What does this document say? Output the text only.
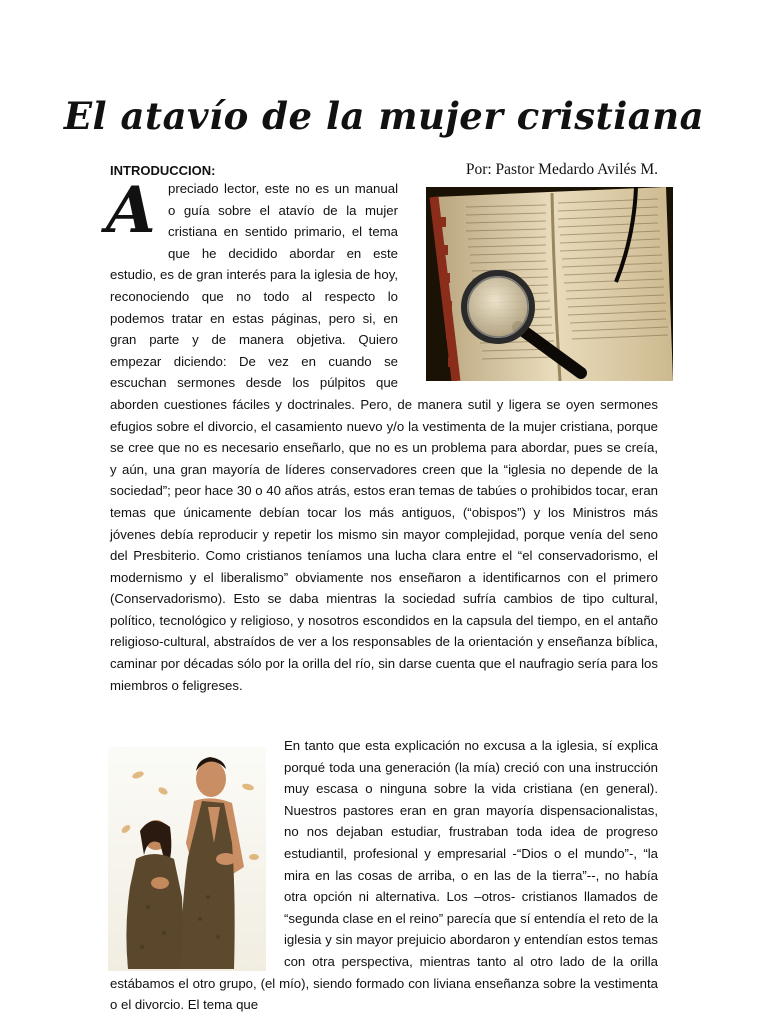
El atavío de la mujer cristiana
INTRODUCCION:	Por: Pastor Medardo Avilés M.
preciado lector, este no es un manual o guía sobre el atavío de la mujer cristiana en sentido primario, el tema que he decidido abordar en este estudio, es de gran interés para la iglesia de hoy, reconociendo que no todo al respecto lo podemos tratar en estas páginas, pero si, en gran parte y de manera objetiva. Quiero empezar diciendo: De vez en cuando se escuchan sermones desde los púlpitos que aborden cuestiones fáciles y doctrinales. Pero, de manera sutil y ligera se oyen sermones efugios sobre el divorcio, el casamiento nuevo y/o la vestimenta de la mujer cristiana, porque se cree que no es necesario enseñarlo, que no es un problema para abordar, pues se creía, y aún, una gran mayoría de líderes conservadores creen que la “iglesia no depende de la sociedad”; peor hace 30 o 40 años atrás, estos eran temas de tabúes o prohibidos tocar, eran temas que únicamente debían tocar los más antiguos, (“obispos”) y los Ministros más jóvenes debía reproducir y repetir los mismo sin mayor complejidad, porque venía del seno del Presbiterio. Como cristianos teníamos una lucha clara entre el “el conservadorismo, el modernismo y el liberalismo” obviamente nos enseñaron a identificarnos con el primero (Conservadorismo). Esto se daba mientras la sociedad sufría cambios de tipo cultural, político, tecnológico y religioso, y nosotros escondidos en la capsula del tiempo, en el antaño religioso-cultural, abstraídos de ver a los responsables de la orientación y enseñanza bíblica, caminar por décadas sólo por la orilla del río, sin darse cuenta que el naufragio sería para los miembros o feligreses.
A
En tanto que esta explicación no excusa a la iglesia, sí explica porqué toda una generación (la mía) creció con una instrucción muy escasa o ninguna sobre la vida cristiana (en general). Nuestros pastores eran en gran mayoría dispensacionalistas, no nos dejaban estudiar, frustraban toda idea de progreso estudiantil, profesional y empresarial -“Dios o el mundo”-, “la mira en las cosas de arriba, o en las de la tierra”--, no había otra opción ni alternativa. Los –otros- cristianos llamados de “segunda clase en el reino” parecía que sí entendía el reto de la iglesia y sin mayor prejuicio abordaron y entendían estos temas con otra perspectiva, mientras tanto al otro lado de la orilla estábamos el otro grupo, (el mío), siendo formado con liviana enseñanza sobre la vestimenta o el divorcio. El tema que
